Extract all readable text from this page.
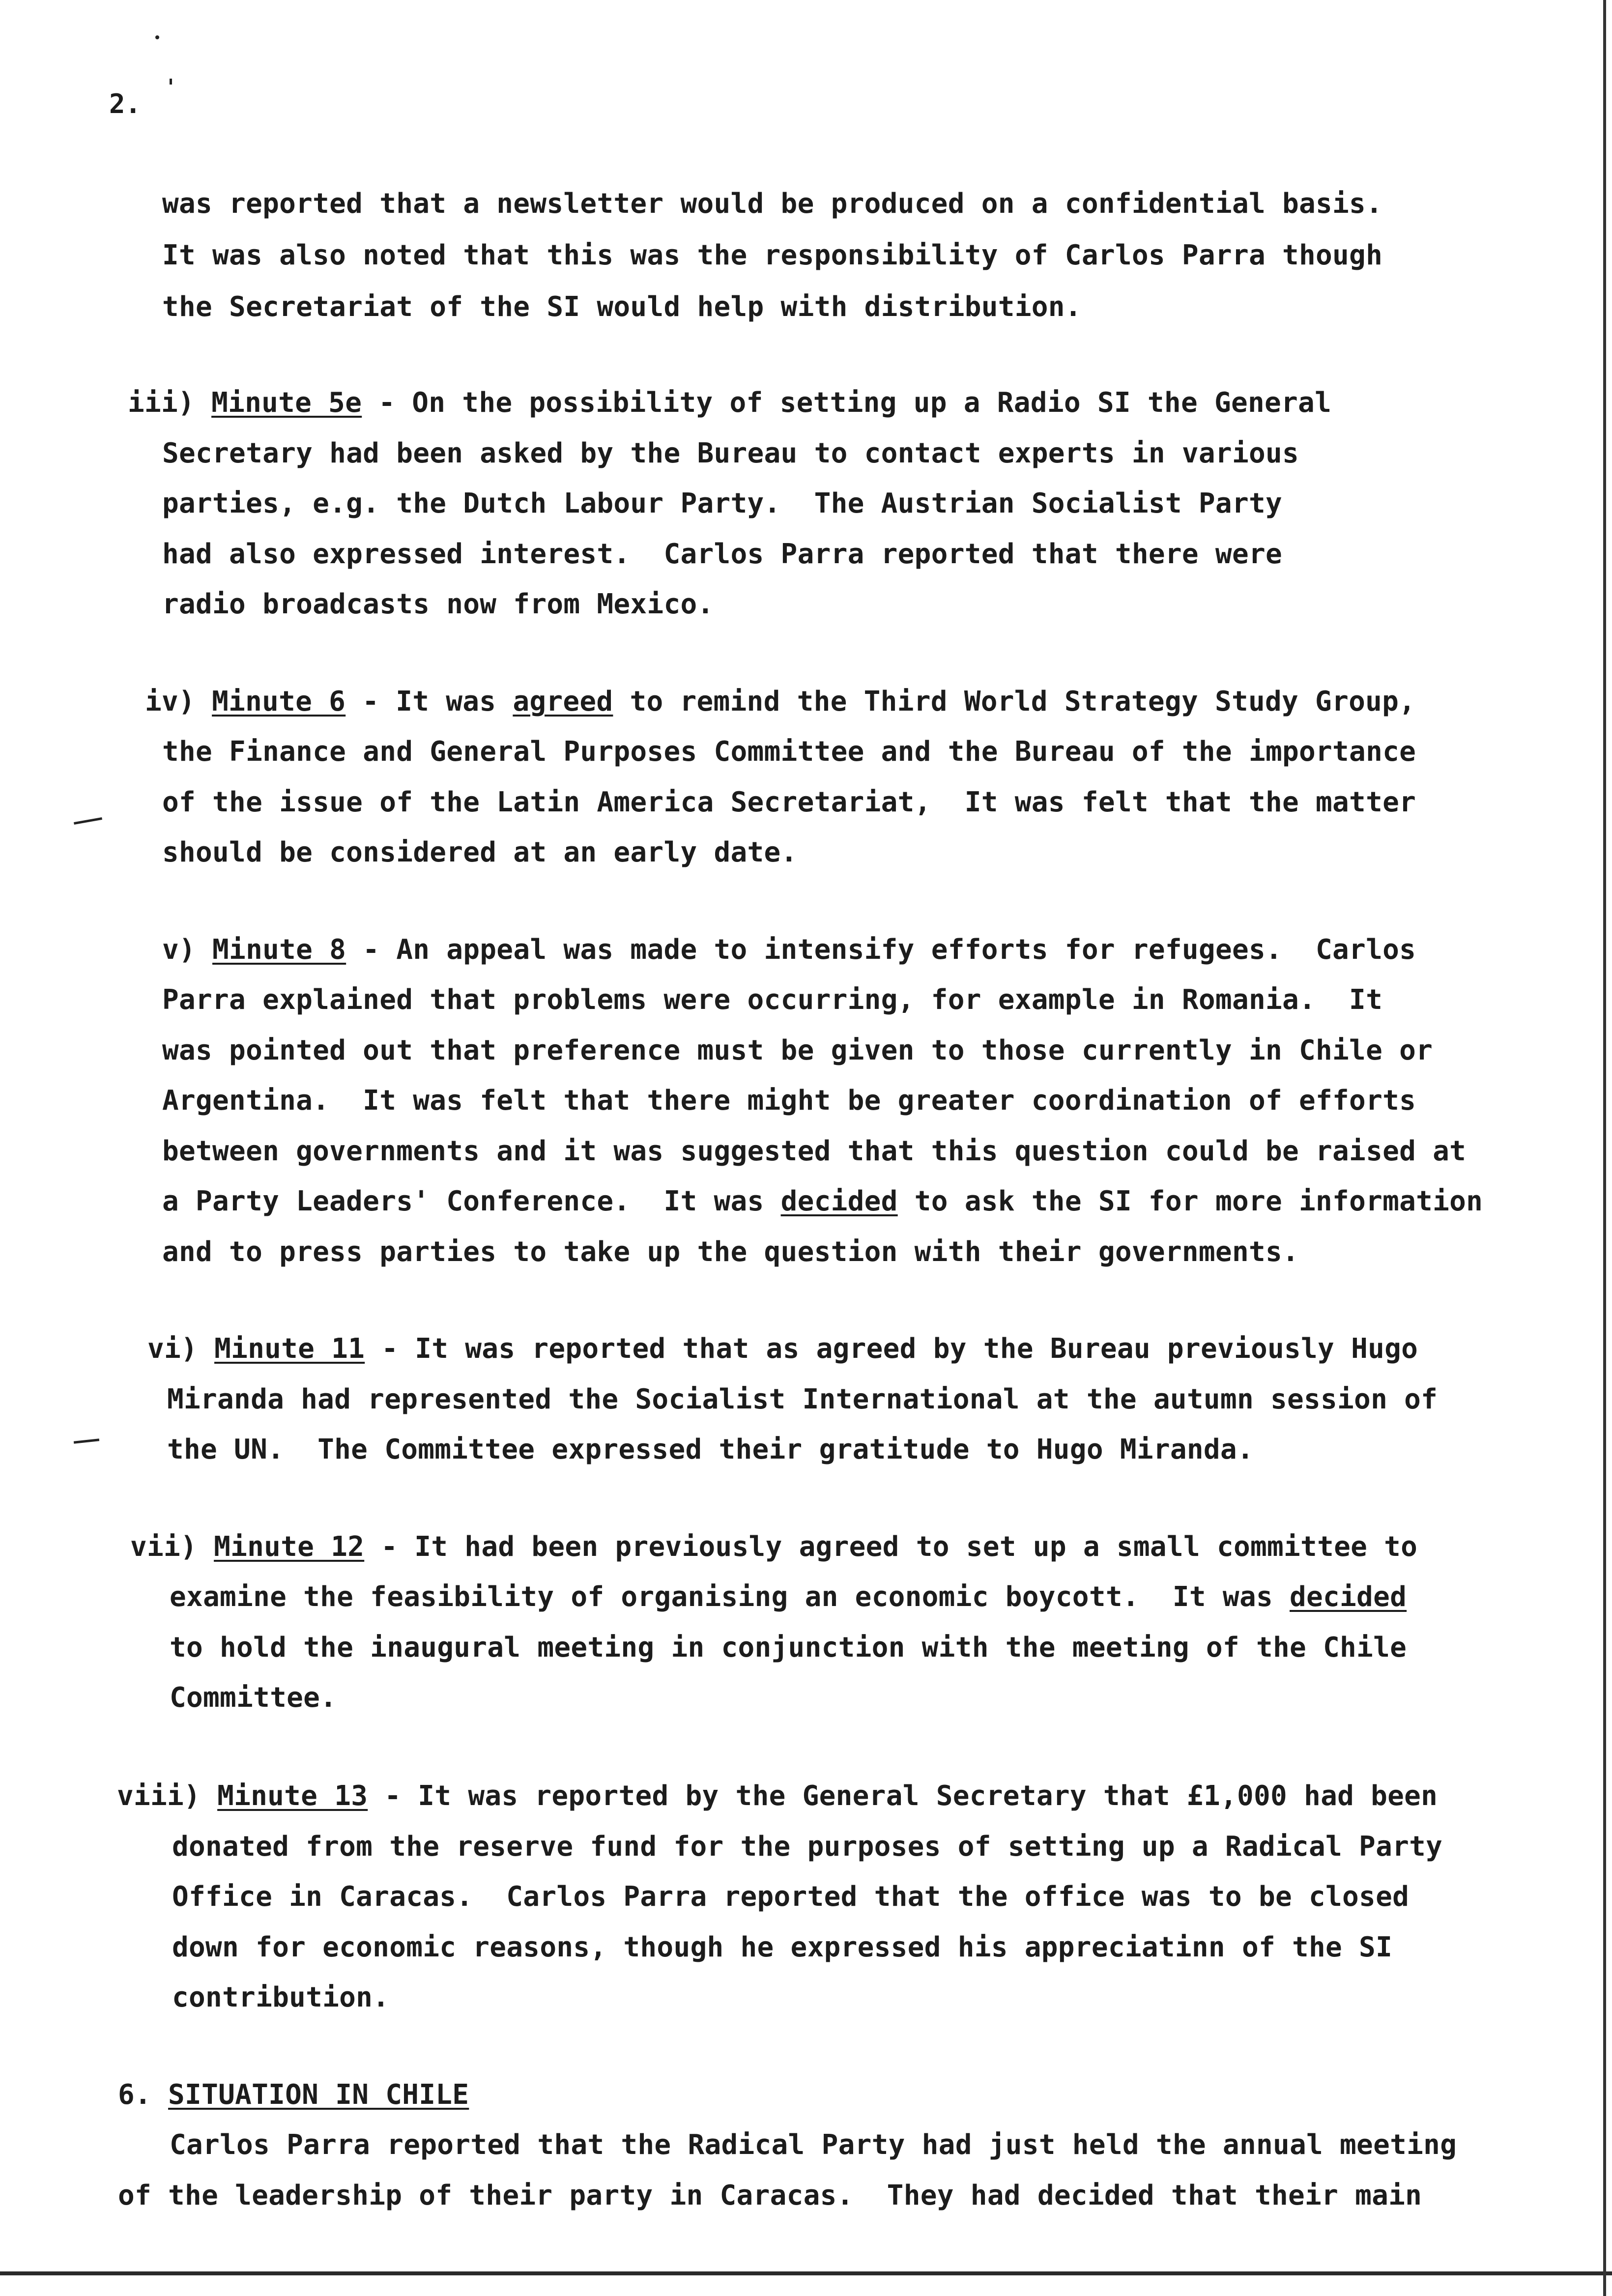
2.
was reported that a newsletter would be produced on a confidential basis.
It was also noted that this was the responsibility of Carlos Parra though
the Secretariat of the SI would help with distribution.
iii) Minute 5e - On the possibility of setting up a Radio SI the General
Secretary had been asked by the Bureau to contact experts in various
parties, e.g. the Dutch Labour Party.  The Austrian Socialist Party
had also expressed interest.  Carlos Parra reported that there were
radio broadcasts now from Mexico.
iv) Minute 6 - It was agreed to remind the Third World Strategy Study Group,
the Finance and General Purposes Committee and the Bureau of the importance
of the issue of the Latin America Secretariat,  It was felt that the matter
should be considered at an early date.
v) Minute 8 - An appeal was made to intensify efforts for refugees.  Carlos
Parra explained that problems were occurring, for example in Romania.  It
was pointed out that preference must be given to those currently in Chile or
Argentina.  It was felt that there might be greater coordination of efforts
between governments and it was suggested that this question could be raised at
a Party Leaders' Conference.  It was decided to ask the SI for more information
and to press parties to take up the question with their governments.
vi) Minute 11 - It was reported that as agreed by the Bureau previously Hugo
Miranda had represented the Socialist International at the autumn session of
the UN.  The Committee expressed their gratitude to Hugo Miranda.
vii) Minute 12 - It had been previously agreed to set up a small committee to
examine the feasibility of organising an economic boycott.  It was decided
to hold the inaugural meeting in conjunction with the meeting of the Chile
Committee.
viii) Minute 13 - It was reported by the General Secretary that £1,000 had been
donated from the reserve fund for the purposes of setting up a Radical Party
Office in Caracas.  Carlos Parra reported that the office was to be closed
down for economic reasons, though he expressed his appreciatinn of the SI
contribution.
6. SITUATION IN CHILE
Carlos Parra reported that the Radical Party had just held the annual meeting
of the leadership of their party in Caracas.  They had decided that their main
